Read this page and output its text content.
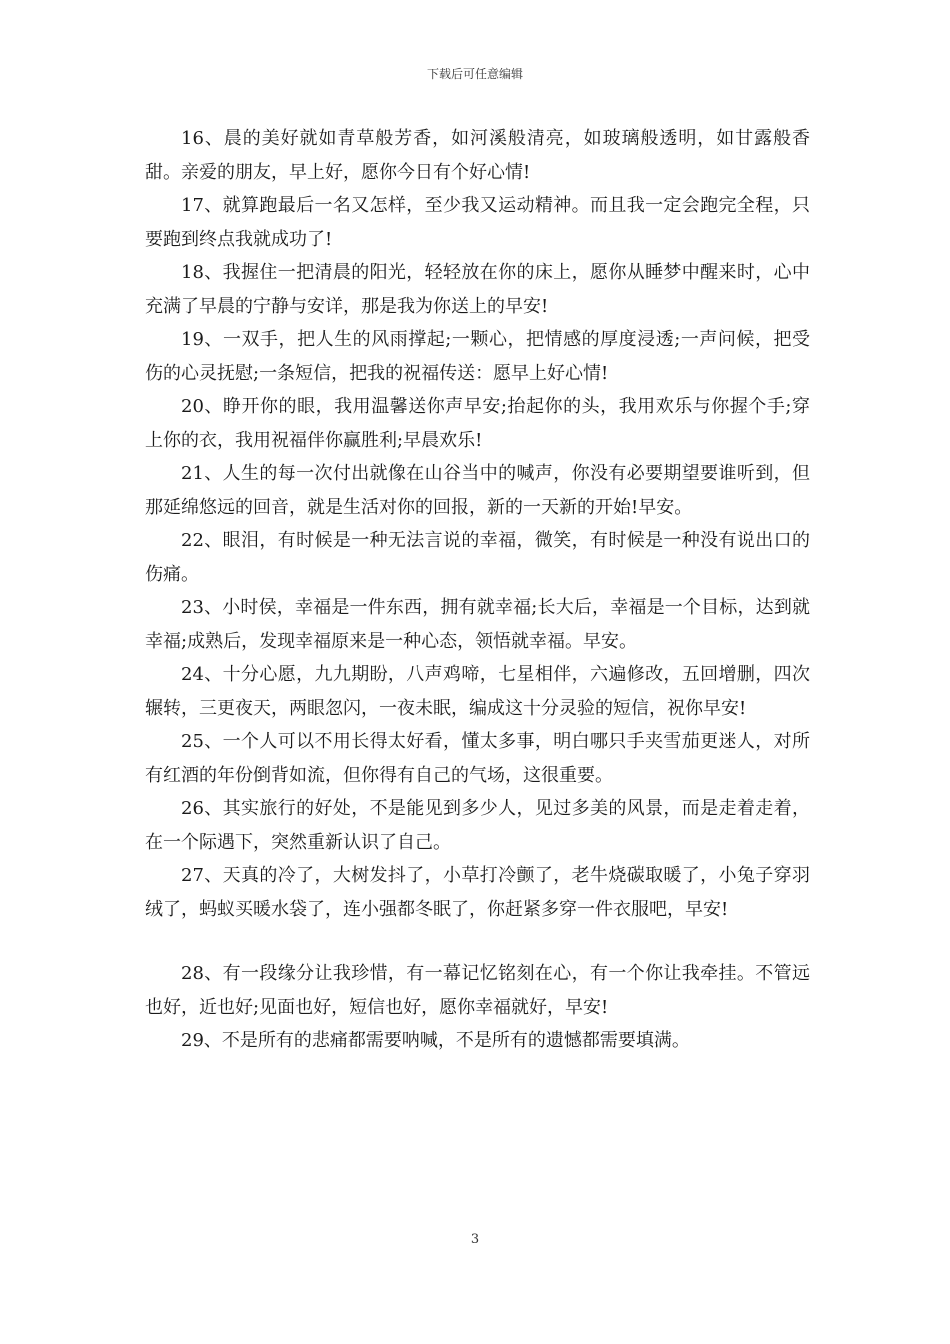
下载后可任意编辑

16、晨的美好就如青草般芳香，如河溪般清亮，如玻璃般透明，如甘露般香甜。亲爱的朋友，早上好，愿你今日有个好心情!

17、就算跑最后一名又怎样，至少我又运动精神。而且我一定会跑完全程，只要跑到终点我就成功了!

18、我握住一把清晨的阳光，轻轻放在你的床上，愿你从睡梦中醒来时，心中充满了早晨的宁静与安详，那是我为你送上的早安!

19、一双手，把人生的风雨撑起;一颗心，把情感的厚度浸透;一声问候，把受伤的心灵抚慰;一条短信，把我的祝福传送：愿早上好心情!

20、睁开你的眼，我用温馨送你声早安;抬起你的头，我用欢乐与你握个手;穿上你的衣，我用祝福伴你赢胜利;早晨欢乐!

21、人生的每一次付出就像在山谷当中的喊声，你没有必要期望要谁听到，但那延绵悠远的回音，就是生活对你的回报，新的一天新的开始!早安。

22、眼泪，有时候是一种无法言说的幸福，微笑，有时候是一种没有说出口的伤痛。

23、小时侯，幸福是一件东西，拥有就幸福;长大后，幸福是一个目标，达到就幸福;成熟后，发现幸福原来是一种心态，领悟就幸福。早安。

24、十分心愿，九九期盼，八声鸡啼，七星相伴，六遍修改，五回增删，四次辗转，三更夜天，两眼忽闪，一夜未眠，编成这十分灵验的短信，祝你早安!

25、一个人可以不用长得太好看，懂太多事，明白哪只手夹雪茄更迷人，对所有红酒的年份倒背如流，但你得有自己的气场，这很重要。

26、其实旅行的好处，不是能见到多少人，见过多美的风景，而是走着走着，在一个际遇下，突然重新认识了自己。

27、天真的冷了，大树发抖了，小草打冷颤了，老牛烧碳取暖了，小兔子穿羽绒了，蚂蚁买暖水袋了，连小强都冬眠了，你赶紧多穿一件衣服吧，早安!

28、有一段缘分让我珍惜，有一幕记忆铭刻在心，有一个你让我牵挂。不管远也好，近也好;见面也好，短信也好，愿你幸福就好，早安!

29、不是所有的悲痛都需要呐喊，不是所有的遗憾都需要填满。

3
